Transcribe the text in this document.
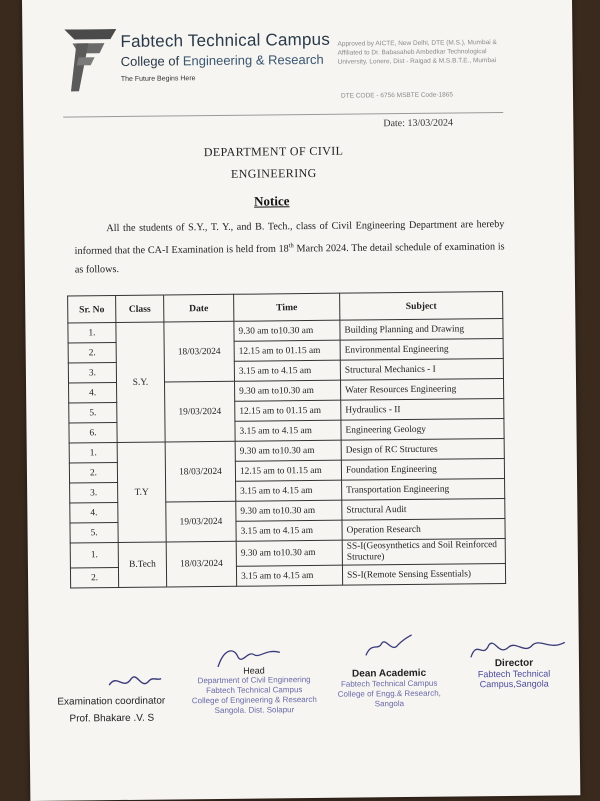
Fabtech Technical Campus
College of Engineering & Research
The Future Begins Here
Approved by AICTE, New Delhi, DTE (M.S.), Mumbai & Affiliated to Dr. Babasaheb Ambedkar Technological University, Lonere, Dist - Raigad & M.S.B.T.E., Mumbai
DTE CODE - 6756 MSBTE Code-1865
Date: 13/03/2024
DEPARTMENT OF CIVIL
ENGINEERING
Notice
All the students of S.Y., T. Y., and B. Tech., class of Civil Engineering Department are hereby informed that the CA-I Examination is held from 18th March 2024. The detail schedule of examination is as follows.
Sr. No	Class	Date	Time	Subject
1.	S.Y.	18/03/2024	9.30 am to10.30 am	Building Planning and Drawing
2.			12.15 am to 01.15 am	Environmental Engineering
3.			3.15 am to 4.15 am	Structural Mechanics - I
4.		19/03/2024	9.30 am to10.30 am	Water Resources Engineering
5.			12.15 am to 01.15 am	Hydraulics - II
6.			3.15 am to 4.15 am	Engineering Geology
1.	T.Y	18/03/2024	9.30 am to10.30 am	Design of RC Structures
2.			12.15 am to 01.15 am	Foundation Engineering
3.			3.15 am to 4.15 am	Transportation Engineering
4.		19/03/2024	9.30 am to10.30 am	Structural Audit
5.			3.15 am to 4.15 am	Operation Research
1.	B.Tech	18/03/2024	9.30 am to10.30 am	SS-I(Geosynthetics and Soil Reinforced Structure)
2.			3.15 am to 4.15 am	SS-I(Remote Sensing Essentials)
Examination coordinator
Prof. Bhakare .V. S
Head
Department of Civil Engineering
Fabtech Technical Campus
College of Engineering & Research
Sangola. Dist. Solapur
Dean Academic
Fabtech Technical Campus
College of Engg.& Research,
Sangola
Director
Fabtech Technical Campus,Sangola
